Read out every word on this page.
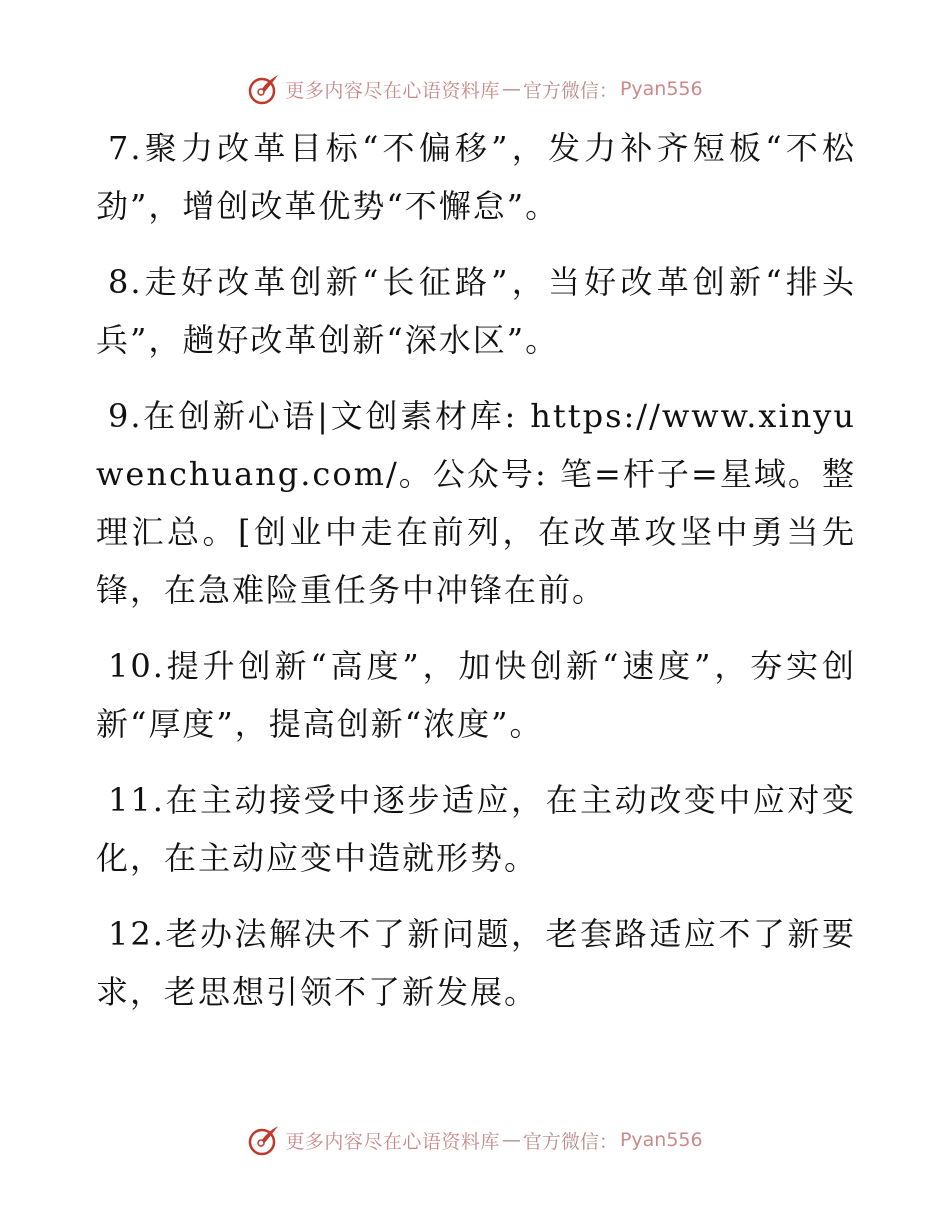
更多内容尽在心语资料库 — 官方微信 ： Pyan556

7.聚力改革目标“不偏移”，发力补齐短板“不松劲”，增创改革优势“不懈怠”。

8.走好改革创新“长征路”，当好改革创新“排头兵”，趟好改革创新“深水区”。

9.在创新心语|文创素材库: https://www.xinyuwenchuang.com/。公众号: 笔=杆子=星域。整理汇总。[创业中走在前列，在改革攻坚中勇当先锋，在急难险重任务中冲锋在前。

10.提升创新“高度”，加快创新“速度”，夯实创新“厚度”，提高创新“浓度”。

11.在主动接受中逐步适应，在主动改变中应对变化，在主动应变中造就形势。

12.老办法解决不了新问题，老套路适应不了新要求，老思想引领不了新发展。

更多内容尽在心语资料库 — 官方微信 ： Pyan556
